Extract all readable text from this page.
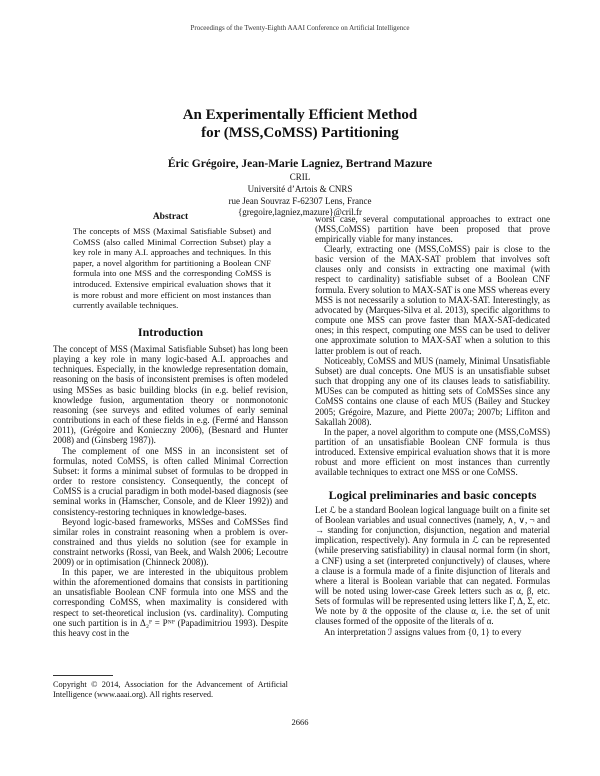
Proceedings of the Twenty-Eighth AAAI Conference on Artificial Intelligence
An Experimentally Efficient Method
for (MSS,CoMSS) Partitioning
Éric Grégoire, Jean-Marie Lagniez, Bertrand Mazure
CRIL
Université d’Artois & CNRS
rue Jean Souvraz F-62307 Lens, France
Abstract
The concepts of MSS (Maximal Satisfiable Subset) and CoMSS (also called Minimal Correction Subset) play a key role in many A.I. approaches and techniques. In this paper, a novel algorithm for partitioning a Boolean CNF formula into one MSS and the corresponding CoMSS is introduced. Extensive empirical evaluation shows that it is more robust and more efficient on most instances than currently available techniques.
Introduction

The concept of MSS (Maximal Satisfiable Subset) has long been playing a key role in many logic-based A.I. approaches and techniques. Especially, in the knowledge representation domain, reasoning on the basis of inconsistent premises is often modeled using MSSes as basic building blocks (in e.g. belief revision, knowledge fusion, argumentation theory or nonmonotonic reasoning (see surveys and edited volumes of early seminal contributions in each of these fields in e.g. (Fermé and Hansson 2011), (Grégoire and Konieczny 2006), (Besnard and Hunter 2008) and (Ginsberg 1987)).

The complement of one MSS in an inconsistent set of formulas, noted CoMSS, is often called Minimal Correction Subset: it forms a minimal subset of formulas to be dropped in order to restore consistency. Consequently, the concept of CoMSS is a crucial paradigm in both model-based diagnosis (see seminal works in (Hamscher, Console, and de Kleer 1992)) and consistency-restoring techniques in knowledge-bases.

Beyond logic-based frameworks, MSSes and CoMSSes find similar roles in constraint reasoning when a problem is over-constrained and thus yields no solution (see for example in constraint networks (Rossi, van Beek, and Walsh 2006; Lecoutre 2009) or in optimisation (Chinneck 2008)).

In this paper, we are interested in the ubiquitous problem within the aforementioned domains that consists in partitioning an unsatisfiable Boolean CNF formula into one MSS and the corresponding CoMSS, when maximality is considered with respect to set-theoretical inclusion (vs. cardinality). Computing one such partition is in Δ₂ᴾ = Pᴺᴾ (Papadimitriou 1993). Despite this heavy cost in the
worst case, several computational approaches to extract one (MSS,CoMSS) partition have been proposed that prove empirically viable for many instances.

Copyright © 2014, Association for the Advancement of Artificial Intelligence (www.aaai.org). All rights reserved.

Clearly, extracting one (MSS,CoMSS) pair is close to the basic version of the MAX-SAT problem that involves soft clauses only and consists in extracting one maximal (with respect to cardinality) satisfiable subset of a Boolean CNF formula. Every solution to MAX-SAT is one MSS whereas every MSS is not necessarily a solution to MAX-SAT. Interestingly, as advocated by (Marques-Silva et al. 2013), specific algorithms to compute one MSS can prove faster than MAX-SAT-dedicated ones; in this respect, computing one MSS can be used to deliver one approximate solution to MAX-SAT when a solution to this latter problem is out of reach.

Noticeably, CoMSS and MUS (namely, Minimal Unsatisfiable Subset) are dual concepts. One MUS is an unsatisfiable subset such that dropping any one of its clauses leads to satisfiability. MUSes can be computed as hitting sets of CoMSSes since any CoMSS contains one clause of each MUS (Bailey and Stuckey 2005; Grégoire, Mazure, and Piette 2007a; 2007b; Liffiton and Sakallah 2008).

In the paper, a novel algorithm to compute one (MSS,CoMSS) partition of an unsatisfiable Boolean CNF formula is thus introduced. Extensive empirical evaluation shows that it is more robust and more efficient on most instances than currently available techniques to extract one MSS or one CoMSS.

Logical preliminaries and basic concepts

Let ℒ be a standard Boolean logical language built on a finite set of Boolean variables and usual connectives (namely, ∧, ∨, ¬ and → standing for conjunction, disjunction, negation and material implication, respectively). Any formula in ℒ can be represented (while preserving satisfiability) in clausal normal form (in short, a CNF) using a set (interpreted conjunctively) of clauses, where a clause is a formula made of a finite disjunction of literals and where a literal is Boolean variable that can negated. Formulas will be noted using lower-case Greek letters such as α, β, etc. Sets of formulas will be represented using letters like Γ, Δ, Σ, etc. We note by ᾱ the opposite of the clause α, i.e. the set of unit clauses formed of the opposite of the literals of α.

An interpretation ℐ assigns values from {0, 1} to every

{gregoire,lagniez,mazure}@cril.fr
2666
